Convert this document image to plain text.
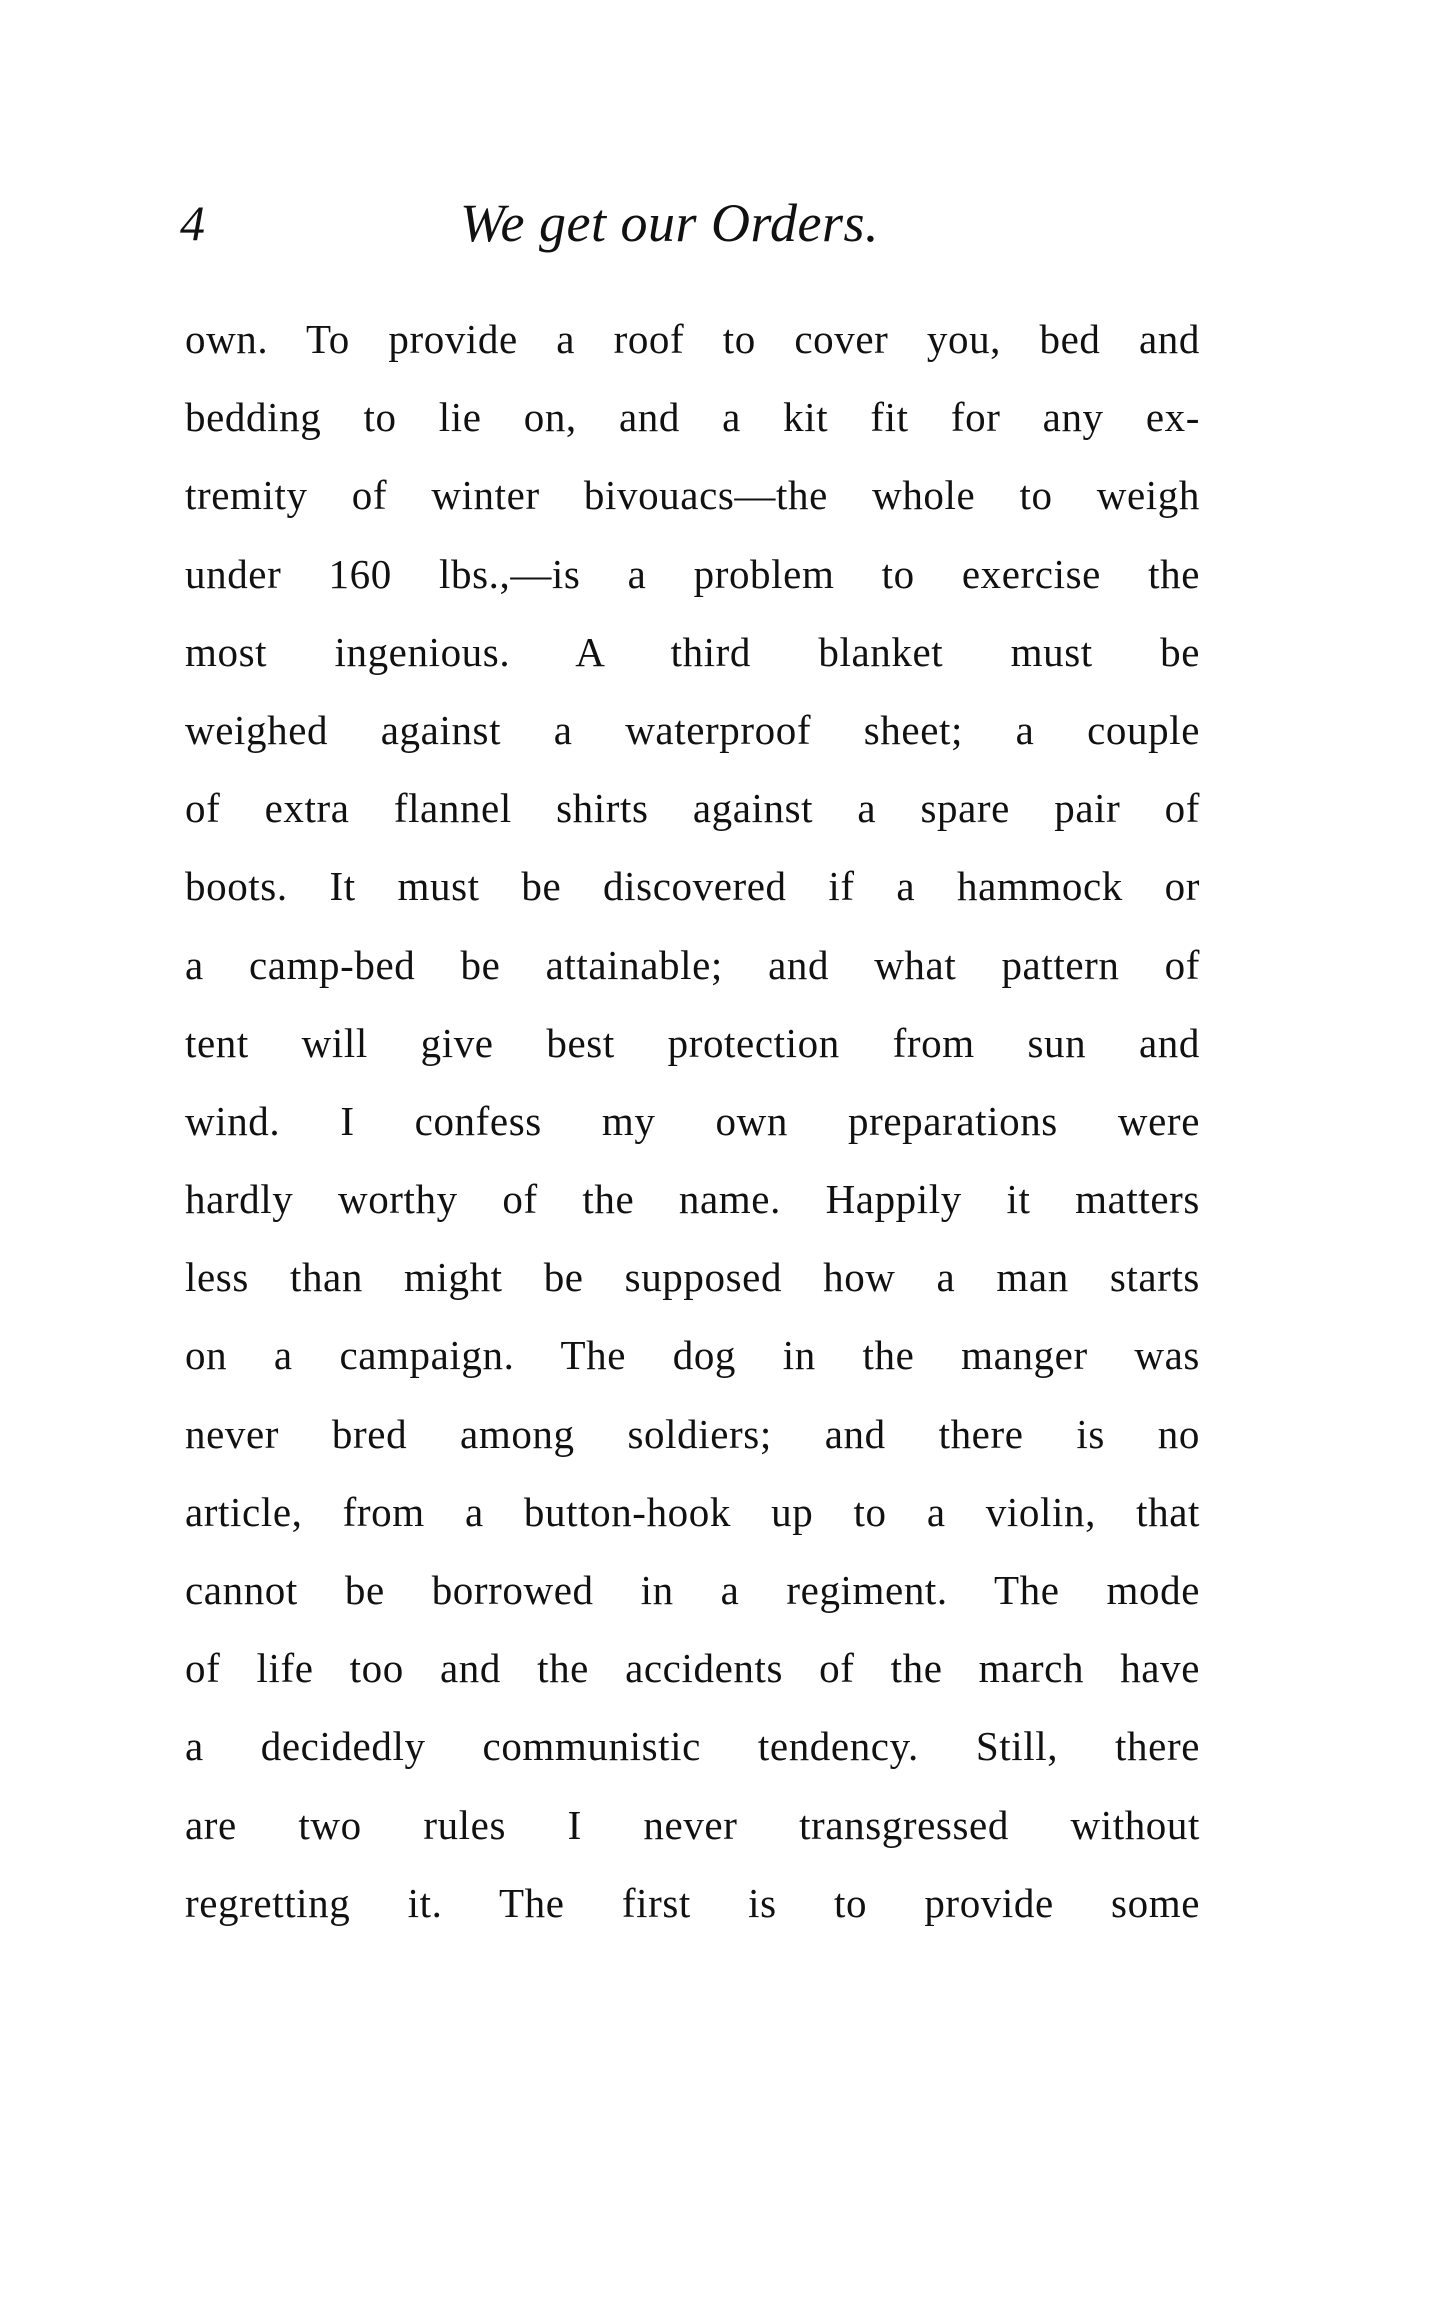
4	We get our Orders.
own. To provide a roof to cover you, bed and
bedding to lie on, and a kit fit for any ex-
tremity of winter bivouacs—the whole to weigh
under 160 lbs.,—is a problem to exercise the
most ingenious. A third blanket must be
weighed against a waterproof sheet; a couple
of extra flannel shirts against a spare pair of
boots. It must be discovered if a hammock or
a camp-bed be attainable; and what pattern of
tent will give best protection from sun and
wind. I confess my own preparations were
hardly worthy of the name. Happily it matters
less than might be supposed how a man starts
on a campaign. The dog in the manger was
never bred among soldiers; and there is no
article, from a button-hook up to a violin, that
cannot be borrowed in a regiment. The mode
of life too and the accidents of the march have
a decidedly communistic tendency. Still, there
are two rules I never transgressed without
regretting it. The first is to provide some
